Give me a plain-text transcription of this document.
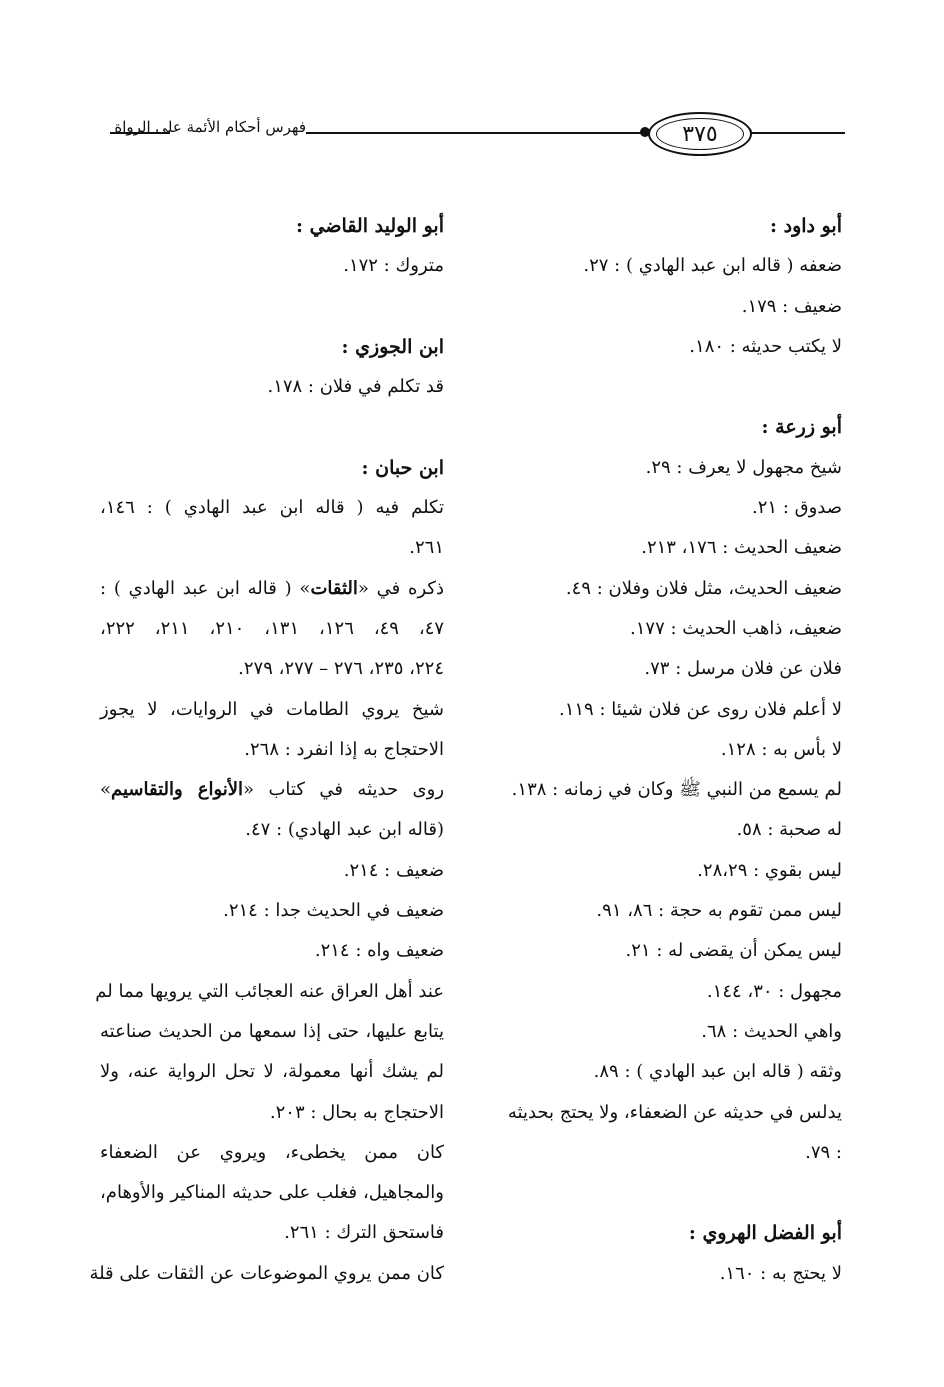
٣٧٥
فهرس أحكام الأئمة على الرواة
أبو داود :
ضعفه ( قاله ابن عبد الهادي ) : ٢٧.
ضعيف : ١٧٩.
لا يكتب حديثه : ١٨٠.
أبو زرعة :
شيخ مجهول لا يعرف : ٢٩.
صدوق : ٢١.
ضعيف الحديث : ١٧٦، ٢١٣.
ضعيف الحديث، مثل فلان وفلان : ٤٩.
ضعيف، ذاهب الحديث : ١٧٧.
فلان عن فلان مرسل : ٧٣.
لا أعلم فلان روى عن فلان شيئا : ١١٩.
لا بأس به : ١٢٨.
لم يسمع من النبي ﷺ وكان في زمانه : ١٣٨.
له صحبة : ٥٨.
ليس بقوي : ٢٨،٢٩.
ليس ممن تقوم به حجة : ٨٦، ٩١.
ليس يمكن أن يقضى له : ٢١.
مجهول : ٣٠، ١٤٤.
واهي الحديث : ٦٨.
وثقه ( قاله ابن عبد الهادي ) : ٨٩.
يدلس في حديثه عن الضعفاء، ولا يحتج بحديثه
: ٧٩.
أبو الفضل الهروي :
لا يحتج به : ١٦٠.
أبو الوليد القاضي :
متروك : ١٧٢.
ابن الجوزي :
قد تكلم في فلان : ١٧٨.
ابن حبان :
تكلم فيه ( قاله ابن عبد الهادي ) : ١٤٦،
٢٦١.
ذكره في «الثقات» ( قاله ابن عبد الهادي ) :
٤٧، ٤٩، ١٢٦، ١٣١، ٢١٠، ٢١١، ٢٢٢،
٢٢٤، ٢٣٥، ٢٧٦ – ٢٧٧، ٢٧٩.
شيخ يروي الطامات في الروايات، لا يجوز
الاحتجاج به إذا انفرد : ٢٦٨.
روى حديثه في كتاب «الأنواع والتقاسيم»
(قاله ابن عبد الهادي) : ٤٧.
ضعيف : ٢١٤.
ضعيف في الحديث جدا : ٢١٤.
ضعيف واه : ٢١٤.
عند أهل العراق عنه العجائب التي يرويها مما لم
يتابع عليها، حتى إذا سمعها من الحديث صناعته
لم يشك أنها معمولة، لا تحل الرواية عنه، ولا
الاحتجاج به بحال : ٢٠٣.
كان ممن يخطىء، ويروي عن الضعفاء
والمجاهيل، فغلب على حديثه المناكير والأوهام،
فاستحق الترك : ٢٦١.
كان ممن يروي الموضوعات عن الثقات على قلة
